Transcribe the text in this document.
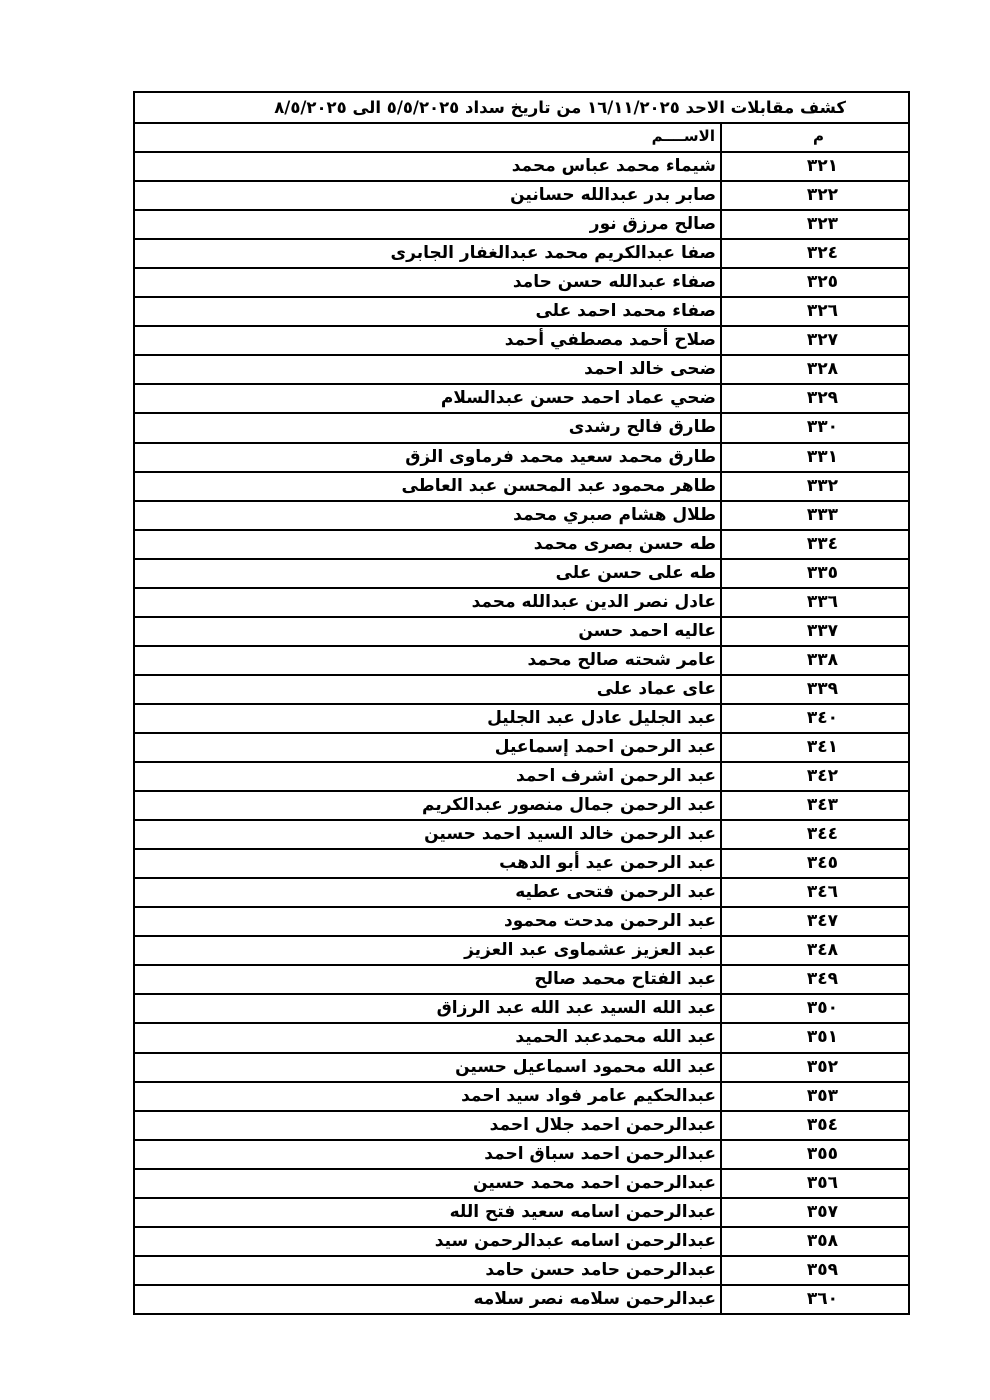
كشف مقابلات الاحد ١٦/١١/٢٠٢٥ من تاريخ سداد ٥/٥/٢٠٢٥ الى ٨/٥/٢٠٢٥
م
الاســــم
٣٢١
شيماء محمد عباس محمد
٣٢٢
صابر بدر عبدالله حسانين
٣٢٣
صالح مرزق نور
٣٢٤
صفا عبدالكريم محمد عبدالغفار الجابرى
٣٢٥
صفاء عبدالله حسن حامد
٣٢٦
صفاء محمد احمد على
٣٢٧
صلاح أحمد مصطفي أحمد
٣٢٨
ضحى خالد احمد
٣٢٩
ضحي عماد احمد حسن عبدالسلام
٣٣٠
طارق فالح رشدى
٣٣١
طارق محمد سعيد محمد فرماوى الزق
٣٣٢
طاهر محمود عبد المحسن عبد العاطى
٣٣٣
طلال هشام صبري محمد
٣٣٤
طه حسن بصرى محمد
٣٣٥
طه على حسن على
٣٣٦
عادل نصر الدين عبدالله محمد
٣٣٧
عاليه احمد حسن
٣٣٨
عامر شحته صالح محمد
٣٣٩
عاى عماد على
٣٤٠
عبد الجليل عادل عبد الجليل
٣٤١
عبد الرحمن احمد إسماعيل
٣٤٢
عبد الرحمن اشرف احمد
٣٤٣
عبد الرحمن جمال منصور عبدالكريم
٣٤٤
عبد الرحمن خالد السيد احمد حسين
٣٤٥
عبد الرحمن عيد أبو الدهب
٣٤٦
عبد الرحمن فتحى عطيه
٣٤٧
عبد الرحمن مدحت محمود
٣٤٨
عبد العزيز عشماوى عبد العزيز
٣٤٩
عبد الفتاح محمد صالح
٣٥٠
عبد الله السيد عبد الله عبد الرزاق
٣٥١
عبد الله محمدعبد الحميد
٣٥٢
عبد الله محمود اسماعيل حسين
٣٥٣
عبدالحكيم عامر فواد سيد احمد
٣٥٤
عبدالرحمن احمد جلال احمد
٣٥٥
عبدالرحمن احمد سباق احمد
٣٥٦
عبدالرحمن احمد محمد حسين
٣٥٧
عبدالرحمن اسامه سعيد فتح الله
٣٥٨
عبدالرحمن اسامه عبدالرحمن سيد
٣٥٩
عبدالرحمن حامد حسن حامد
٣٦٠
عبدالرحمن سلامه نصر سلامه
